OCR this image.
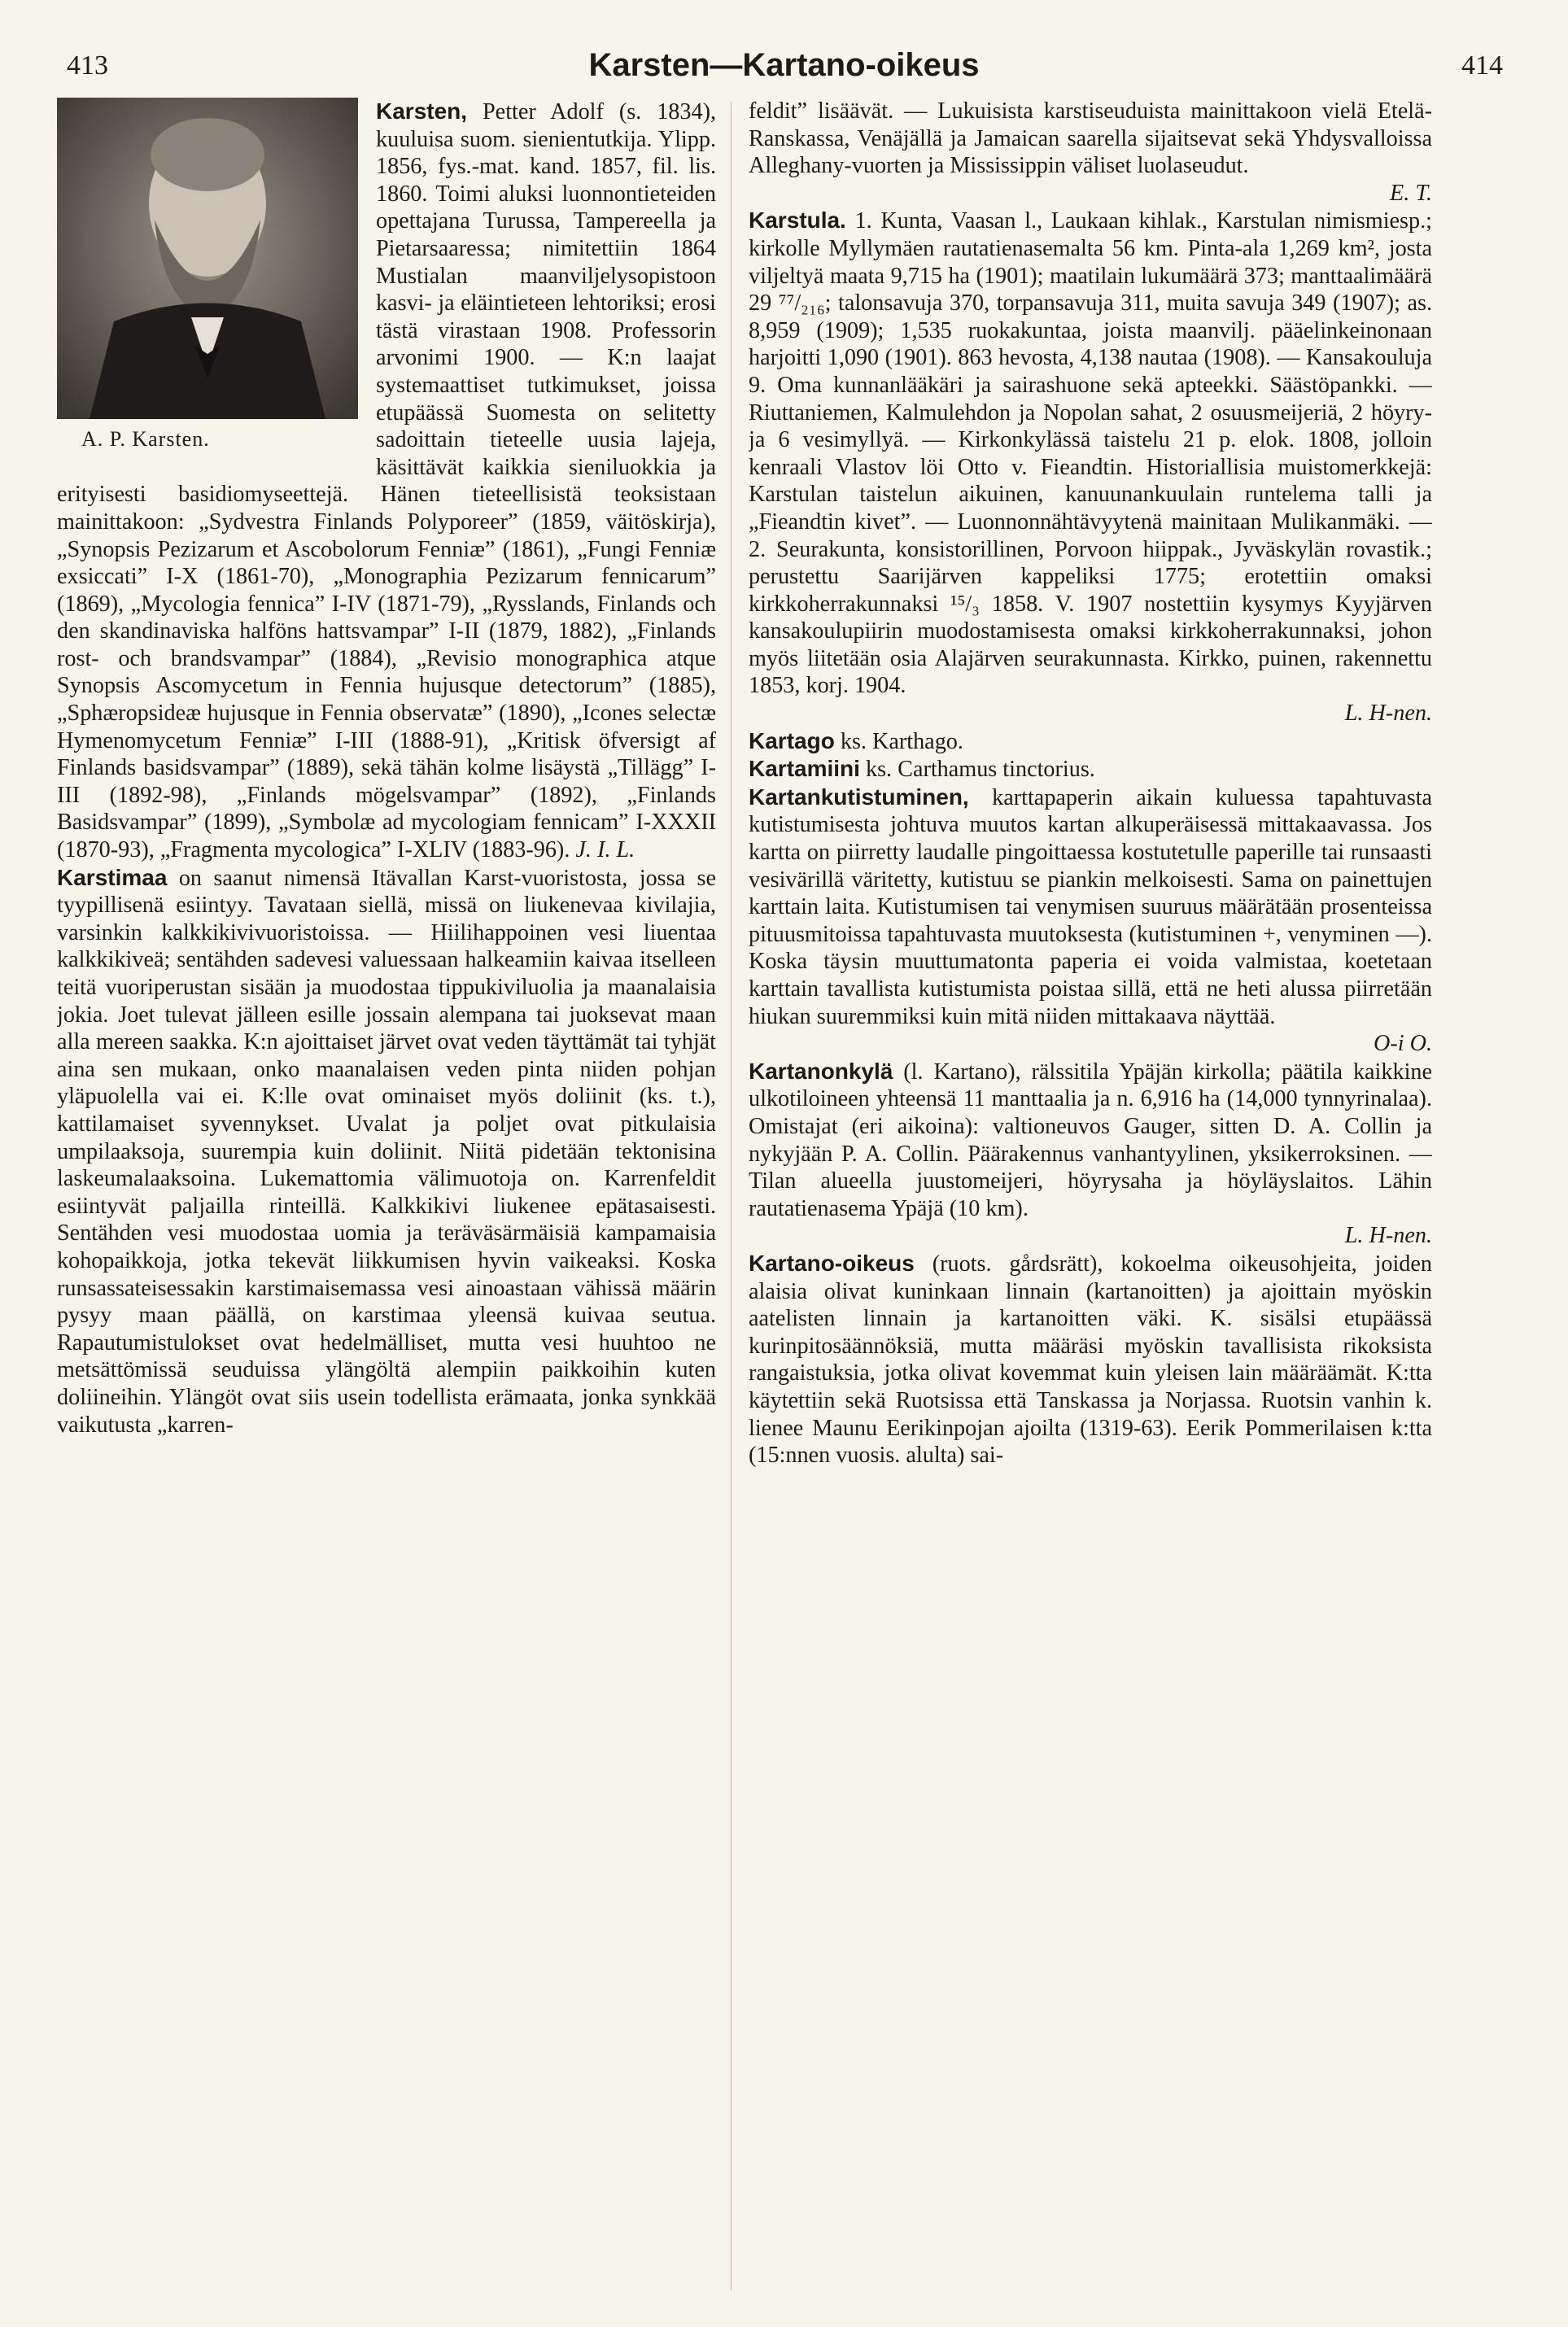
413	Karsten—Kartano-oikeus	414
A. P. Karsten.

Karsten, Petter Adolf (s. 1834), kuuluisa suom. sienientutkija. Ylipp. 1856, fys.-mat. kand. 1857, fil. lis. 1860. Toimi aluksi luonnontieteiden opettajana Turussa, Tampereella ja Pietarsaaressa; nimitettiin 1864 Mustialan maanviljelysopistoon kasvi- ja eläintieteen lehtoriksi; erosi tästä virastaan 1908. Professorin arvonimi 1900. — K:n laajat systemaattiset tutkimukset, joissa etupäässä Suomesta on selitetty sadoittain tieteelle uusia lajeja, käsittävät kaikkia sieniluokkia ja erityisesti basidiomyseettejä. Hänen tieteellisistä teoksistaan mainittakoon: „Sydvestra Finlands Polyporeer” (1859, väitöskirja), „Synopsis Pezizarum et Ascobolorum Fenniæ” (1861), „Fungi Fenniæ exsiccati” I-X (1861-70), „Monographia Pezizarum fennicarum” (1869), „Mycologia fennica” I-IV (1871-79), „Rysslands, Finlands och den skandinaviska halföns hattsvampar” I-II (1879, 1882), „Finlands rost- och brandsvampar” (1884), „Revisio monographica atque Synopsis Ascomycetum in Fennia hujusque detectorum” (1885), „Sphæropsideæ hujusque in Fennia observatæ” (1890), „Icones selectæ Hymenomycetum Fenniæ” I-III (1888-91), „Kritisk öfversigt af Finlands basidsvampar” (1889), sekä tähän kolme lisäystä „Tillägg” I-III (1892-98), „Finlands mögelsvampar” (1892), „Finlands Basidsvampar” (1899), „Symbolæ ad mycologiam fennicam” I-XXXII (1870-93), „Fragmenta mycologica” I-XLIV (1883-96). J. I. L.

Karstimaa on saanut nimensä Itävallan Karst-vuoristosta, jossa se tyypillisenä esiintyy. Tavataan siellä, missä on liukenevaa kivilajia, varsinkin kalkkikivivuoristoissa. — Hiilihappoinen vesi liuentaa kalkkikiveä; sentähden sadevesi valuessaan halkeamiin kaivaa itselleen teitä vuoriperustan sisään ja muodostaa tippukiviluolia ja maanalaisia jokia. Joet tulevat jälleen esille jossain alempana tai juoksevat maan alla mereen saakka. K:n ajoittaiset järvet ovat veden täyttämät tai tyhjät aina sen mukaan, onko maanalaisen veden pinta niiden pohjan yläpuolella vai ei. K:lle ovat ominaiset myös doliinit (ks. t.), kattilamaiset syvennykset. Uvalat ja poljet ovat pitkulaisia umpilaaksoja, suurempia kuin doliinit. Niitä pidetään tektonisina laskeumalaaksoina. Lukemattomia välimuotoja on. Karrenfeldit esiintyvät paljailla rinteillä. Kalkkikivi liukenee epätasaisesti. Sentähden vesi muodostaa uomia ja teräväsärmäisiä kampamaisia kohopaikkoja, jotka tekevät liikkumisen hyvin vaikeaksi. Koska runsassateisessakin karstimaisemassa vesi ainoastaan vähissä määrin pysyy maan päällä, on karstimaa yleensä kuivaa seutua. Rapautumistulokset ovat hedelmälliset, mutta vesi huuhtoo ne metsättömissä seuduissa ylängöltä alempiin paikkoihin kuten doliineihin. Ylängöt ovat siis usein todellista erämaata, jonka synkkää vaikutusta „karren-

feldit” lisäävät. — Lukuisista karstiseuduista mainittakoon vielä Etelä-Ranskassa, Venäjällä ja Jamaican saarella sijaitsevat sekä Yhdysvalloissa Alleghany-vuorten ja Mississippin väliset luolaseudut.
E. T.

Karstula. 1. Kunta, Vaasan l., Laukaan kihlak., Karstulan nimismiesp.; kirkolle Myllymäen rautatienasemalta 56 km. Pinta-ala 1,269 km², josta viljeltyä maata 9,715 ha (1901); maatilain lukumäärä 373; manttaalimäärä 29 ⁷⁷/₂₁₆; talonsavuja 370, torpansavuja 311, muita savuja 349 (1907); as. 8,959 (1909); 1,535 ruokakuntaa, joista maanvilj. pääelinkeinonaan harjoitti 1,090 (1901). 863 hevosta, 4,138 nautaa (1908). — Kansakouluja 9. Oma kunnanlääkäri ja sairashuone sekä apteekki. Säästöpankki. — Riuttaniemen, Kalmulehdon ja Nopolan sahat, 2 osuusmeijeriä, 2 höyry- ja 6 vesimyllyä. — Kirkonkylässä taistelu 21 p. elok. 1808, jolloin kenraali Vlastov löi Otto v. Fieandtin. Historiallisia muistomerkkejä: Karstulan taistelun aikuinen, kanuunankuulain runtelema talli ja „Fieandtin kivet”. — Luonnonnähtävyytenä mainitaan Mulikanmäki. — 2. Seurakunta, konsistorillinen, Porvoon hiippak., Jyväskylän rovastik.; perustettu Saarijärven kappeliksi 1775; erotettiin omaksi kirkkoherrakunnaksi ¹⁵/₃ 1858. V. 1907 nostettiin kysymys Kyyjärven kansakoulupiirin muodostamisesta omaksi kirkkoherrakunnaksi, johon myös liitetään osia Alajärven seurakunnasta. Kirkko, puinen, rakennettu 1853, korj. 1904.
L. H-nen.

Kartago ks. Karthago.

Kartamiini ks. Carthamus tinctorius.

Kartankutistuminen, karttapaperin aikain kuluessa tapahtuvasta kutistumisesta johtuva muutos kartan alkuperäisessä mittakaavassa. Jos kartta on piirretty laudalle pingoittaessa kostutetulle paperille tai runsaasti vesivärillä väritetty, kutistuu se piankin melkoisesti. Sama on painettujen karttain laita. Kutistumisen tai venymisen suuruus määrätään prosenteissa pituusmitoissa tapahtuvasta muutoksesta (kutistuminen +, venyminen —). Koska täysin muuttumatonta paperia ei voida valmistaa, koetetaan karttain tavallista kutistumista poistaa sillä, että ne heti alussa piirretään hiukan suuremmiksi kuin mitä niiden mittakaava näyttää.
O-i O.

Kartanonkylä (l. Kartano), rälssitila Ypäjän kirkolla; päätila kaikkine ulkotiloineen yhteensä 11 manttaalia ja n. 6,916 ha (14,000 tynnyrinalaa). Omistajat (eri aikoina): valtioneuvos Gauger, sitten D. A. Collin ja nykyjään P. A. Collin. Päärakennus vanhantyylinen, yksikerroksinen. — Tilan alueella juustomeijeri, höyrysaha ja höyläyslaitos. Lähin rautatienasema Ypäjä (10 km).
L. H-nen.

Kartano-oikeus (ruots. gårdsrätt), kokoelma oikeusohjeita, joiden alaisia olivat kuninkaan linnain (kartanoitten) ja ajoittain myöskin aatelisten linnain ja kartanoitten väki. K. sisälsi etupäässä kurinpitosäännöksiä, mutta määräsi myöskin tavallisista rikoksista rangaistuksia, jotka olivat kovemmat kuin yleisen lain määräämät. K:tta käytettiin sekä Ruotsissa että Tanskassa ja Norjassa. Ruotsin vanhin k. lienee Maunu Eerikinpojan ajoilta (1319-63). Eerik Pommerilaisen k:tta (15:nnen vuosis. alulta) sai-
